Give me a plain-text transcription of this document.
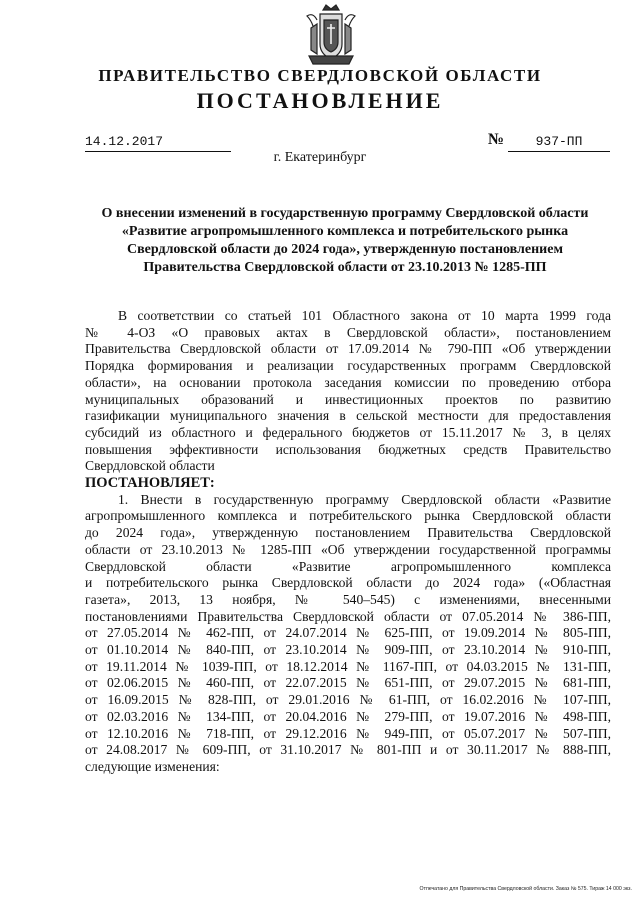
ПРАВИТЕЛЬСТВО СВЕРДЛОВСКОЙ ОБЛАСТИ
ПОСТАНОВЛЕНИЕ
14.12.2017	№	937-ПП
г. Екатеринбург
О внесении изменений в государственную программу Свердловской области
«Развитие агропромышленного комплекса и потребительского рынка
Свердловской области до 2024 года», утвержденную постановлением
Правительства Свердловской области от 23.10.2013 № 1285-ПП
В соответствии со статьей 101 Областного закона от 10 марта 1999 года
№ 4-ОЗ «О правовых актах в Свердловской области», постановлением
Правительства Свердловской области от 17.09.2014 № 790-ПП «Об утверждении
Порядка формирования и реализации государственных программ Свердловской
области», на основании протокола заседания комиссии по проведению отбора
муниципальных образований и инвестиционных проектов по развитию
газификации муниципального значения в сельской местности для предоставления
субсидий из областного и федерального бюджетов от 15.11.2017 № 3, в целях
повышения эффективности использования бюджетных средств Правительство
Свердловской области
ПОСТАНОВЛЯЕТ:
1. Внести в государственную программу Свердловской области «Развитие
агропромышленного комплекса и потребительского рынка Свердловской области
до 2024 года», утвержденную постановлением Правительства Свердловской
области от 23.10.2013 № 1285-ПП «Об утверждении государственной программы
Свердловской области «Развитие агропромышленного комплекса
и потребительского рынка Свердловской области до 2024 года» («Областная
газета», 2013, 13 ноября, № 540–545) с изменениями, внесенными
постановлениями Правительства Свердловской области от 07.05.2014 № 386-ПП,
от 27.05.2014 № 462-ПП, от 24.07.2014 № 625-ПП, от 19.09.2014 № 805-ПП,
от 01.10.2014 № 840-ПП, от 23.10.2014 № 909-ПП, от 23.10.2014 № 910-ПП,
от 19.11.2014 № 1039-ПП, от 18.12.2014 № 1167-ПП, от 04.03.2015 № 131-ПП,
от 02.06.2015 № 460-ПП, от 22.07.2015 № 651-ПП, от 29.07.2015 № 681-ПП,
от 16.09.2015 № 828-ПП, от 29.01.2016 № 61-ПП, от 16.02.2016 № 107-ПП,
от 02.03.2016 № 134-ПП, от 20.04.2016 № 279-ПП, от 19.07.2016 № 498-ПП,
от 12.10.2016 № 718-ПП, от 29.12.2016 № 949-ПП, от 05.07.2017 № 507-ПП,
от 24.08.2017 № 609-ПП, от 31.10.2017 № 801-ПП и от 30.11.2017 № 888-ПП,
следующие изменения:
Отпечатано для Правительства Свердловской области. Заказ № 575. Тираж 14 000 экз.
